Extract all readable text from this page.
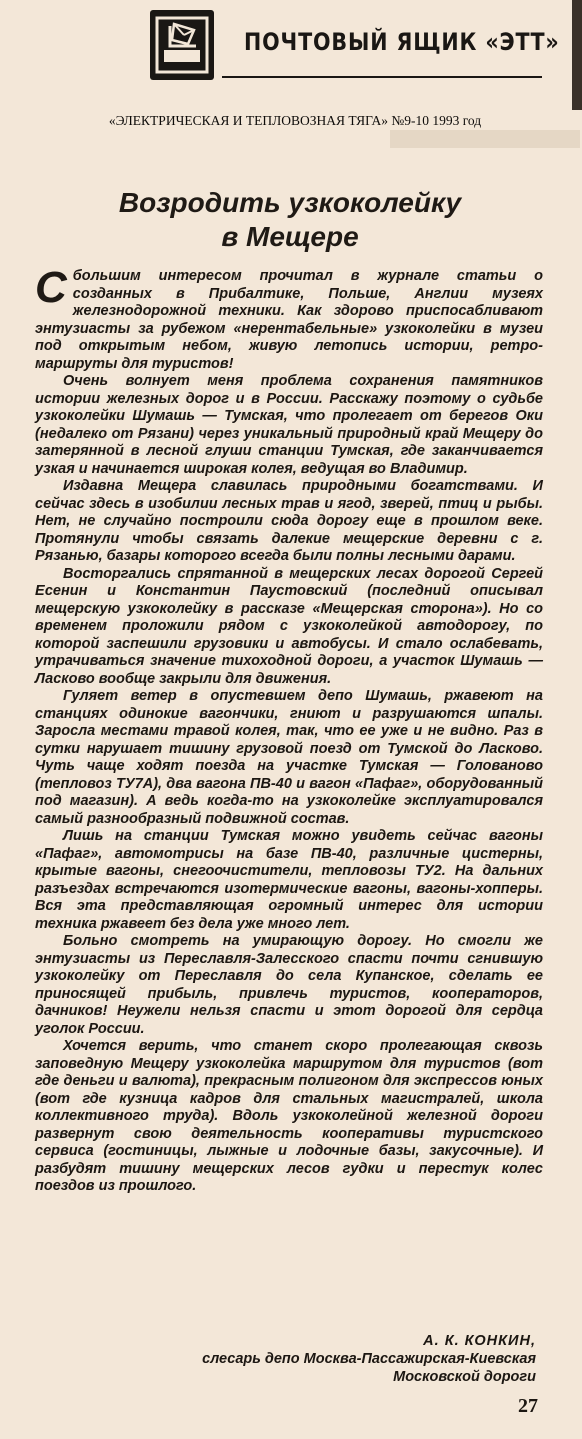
ПОЧТОВЫЙ ЯЩИК «ЭТТ»
«ЭЛЕКТРИЧЕСКАЯ И ТЕПЛОВОЗНАЯ ТЯГА» №9-10 1993 год
Возродить узкоколейку
в Мещере

Сбольшим интересом прочитал в журнале статьи о созданных в Прибалтике, Польше, Англии музеях железнодорожной техники. Как здорово приспосабливают энтузиасты за рубежом «нерентабельные» узкоколейки в музеи под открытым небом, живую летопись истории, ретро-маршруты для туристов!

Очень волнует меня проблема сохранения памятников истории железных дорог и в России. Расскажу поэтому о судьбе узкоколейки Шумашь — Тумская, что пролегает от берегов Оки (недалеко от Рязани) через уникальный природный край Мещеру до затерянной в лесной глуши станции Тумская, где заканчивается узкая и начинается широкая колея, ведущая во Владимир.

Издавна Мещера славилась природными богатствами. И сейчас здесь в изобилии лесных трав и ягод, зверей, птиц и рыбы. Нет, не случайно построили сюда дорогу еще в прошлом веке. Протянули чтобы связать далекие мещерские деревни с г. Рязанью, базары которого всегда были полны лесными дарами.

Восторгались спрятанной в мещерских лесах дорогой Сергей Есенин и Константин Паустовский (последний описывал мещерскую узкоколейку в рассказе «Мещерская сторона»). Но со временем проложили рядом с узкоколейкой автодорогу, по которой заспешили грузовики и автобусы. И стало ослабевать, утрачиваться значение тихоходной дороги, а участок Шумашь — Ласково вообще закрыли для движения.

Гуляет ветер в опустевшем депо Шумашь, ржавеют на станциях одинокие вагончики, гниют и разрушаются шпалы. Заросла местами травой колея, так, что ее уже и не видно. Раз в сутки нарушает тишину грузовой поезд от Тумской до Ласково. Чуть чаще ходят поезда на участке Тумская — Голованово (тепловоз ТУ7А), два вагона ПВ-40 и вагон «Пафаг», оборудованный под магазин). А ведь когда-то на узкоколейке эксплуатировался самый разнообразный подвижной состав.

Лишь на станции Тумская можно увидеть сейчас вагоны «Пафаг», автомотрисы на базе ПВ-40, различные цистерны, крытые вагоны, снегоочистители, тепловозы ТУ2. На дальних разъездах встречаются изотермические вагоны, вагоны-хопперы. Вся эта представляющая огромный интерес для истории техника ржавеет без дела уже много лет.

Больно смотреть на умирающую дорогу. Но смогли же энтузиасты из Переславля-Залесского спасти почти сгнившую узкоколейку от Переславля до села Купанское, сделать ее приносящей прибыль, привлечь туристов, кооператоров, дачников! Неужели нельзя спасти и этот дорогой для сердца уголок России.

Хочется верить, что станет скоро пролегающая сквозь заповедную Мещеру узкоколейка маршрутом для туристов (вот где деньги и валюта), прекрасным полигоном для экспрессов юных (вот где кузница кадров для стальных магистралей, школа коллективного труда). Вдоль узкоколейной железной дороги развернут свою деятельность кооперативы туристского сервиса (гостиницы, лыжные и лодочные базы, закусочные). И разбудят тишину мещерских лесов гудки и перестук колес поездов из прошлого.

А. К. КОНКИН,
слесарь депо Москва-Пассажирская-Киевская
Московской дороги
27
